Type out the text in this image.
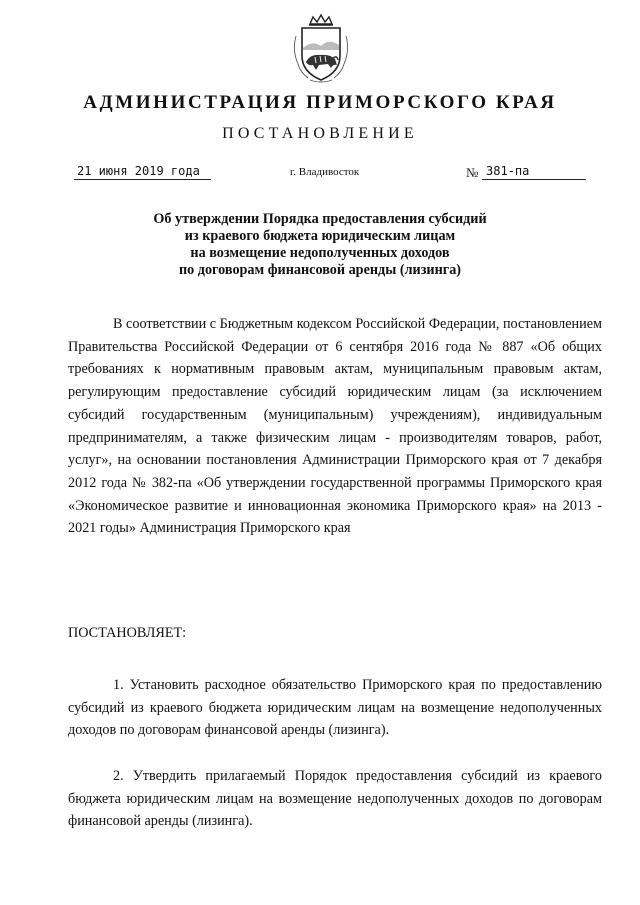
АДМИНИСТРАЦИЯ ПРИМОРСКОГО КРАЯ
ПОСТАНОВЛЕНИЕ
21 июня 2019 года	г. Владивосток	№ 381-па
Об утверждении Порядка предоставления субсидий
из краевого бюджета юридическим лицам
на возмещение недополученных доходов
по договорам финансовой аренды (лизинга)

В соответствии с Бюджетным кодексом Российской Федерации, постановлением Правительства Российской Федерации от 6 сентября 2016 года № 887 «Об общих требованиях к нормативным правовым актам, муниципальным правовым актам, регулирующим предоставление субсидий юридическим лицам (за исключением субсидий государственным (муниципальным) учреждениям), индивидуальным предпринимателям, а также физическим лицам - производителям товаров, работ, услуг», на основании постановления Администрации Приморского края от 7 декабря 2012 года № 382-па «Об утверждении государственной программы Приморского края «Экономическое развитие и инновационная экономика Приморского края» на 2013 - 2021 годы» Администрация Приморского края

ПОСТАНОВЛЯЕТ:

1. Установить расходное обязательство Приморского края по предоставлению субсидий из краевого бюджета юридическим лицам на возмещение недополученных доходов по договорам финансовой аренды (лизинга).

2. Утвердить прилагаемый Порядок предоставления субсидий из краевого бюджета юридическим лицам на возмещение недополученных доходов по договорам финансовой аренды (лизинга).
